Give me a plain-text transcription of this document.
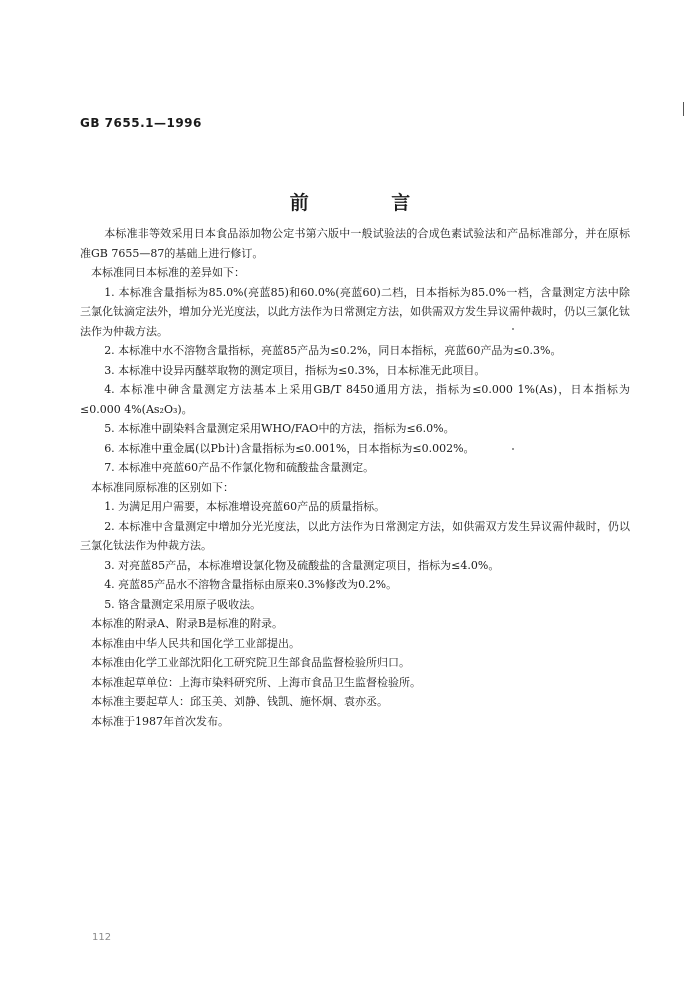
GB 7655.1—1996
前 言

本标准非等效采用日本食品添加物公定书第六版中一般试验法的合成色素试验法和产品标准部分，并在原标准GB 7655—87的基础上进行修订。

本标准同日本标准的差异如下：

1. 本标准含量指标为85.0%(亮蓝85)和60.0%(亮蓝60)二档，日本指标为85.0%一档，含量测定方法中除三氯化钛滴定法外，增加分光光度法，以此方法作为日常测定方法，如供需双方发生异议需仲裁时，仍以三氯化钛法作为仲裁方法。

2. 本标准中水不溶物含量指标，亮蓝85产品为≤0.2%，同日本指标，亮蓝60产品为≤0.3%。

3. 本标准中设异丙醚萃取物的测定项目，指标为≤0.3%，日本标准无此项目。

4. 本标准中砷含量测定方法基本上采用GB/T 8450通用方法，指标为≤0.000 1%(As)，日本指标为≤0.000 4%(As₂O₃)。

5. 本标准中副染料含量测定采用WHO/FAO中的方法，指标为≤6.0%。

6. 本标准中重金属(以Pb计)含量指标为≤0.001%，日本指标为≤0.002%。

7. 本标准中亮蓝60产品不作氯化物和硫酸盐含量测定。

本标准同原标准的区别如下：

1. 为满足用户需要，本标准增设亮蓝60产品的质量指标。

2. 本标准中含量测定中增加分光光度法，以此方法作为日常测定方法，如供需双方发生异议需仲裁时，仍以三氯化钛法作为仲裁方法。

3. 对亮蓝85产品，本标准增设氯化物及硫酸盐的含量测定项目，指标为≤4.0%。

4. 亮蓝85产品水不溶物含量指标由原来0.3%修改为0.2%。

5. 铬含量测定采用原子吸收法。

本标准的附录A、附录B是标准的附录。

本标准由中华人民共和国化学工业部提出。

本标准由化学工业部沈阳化工研究院卫生部食品监督检验所归口。

本标准起草单位：上海市染料研究所、上海市食品卫生监督检验所。

本标准主要起草人：邱玉美、刘静、钱凯、施怀炯、袁亦丞。

本标准于1987年首次发布。

112
